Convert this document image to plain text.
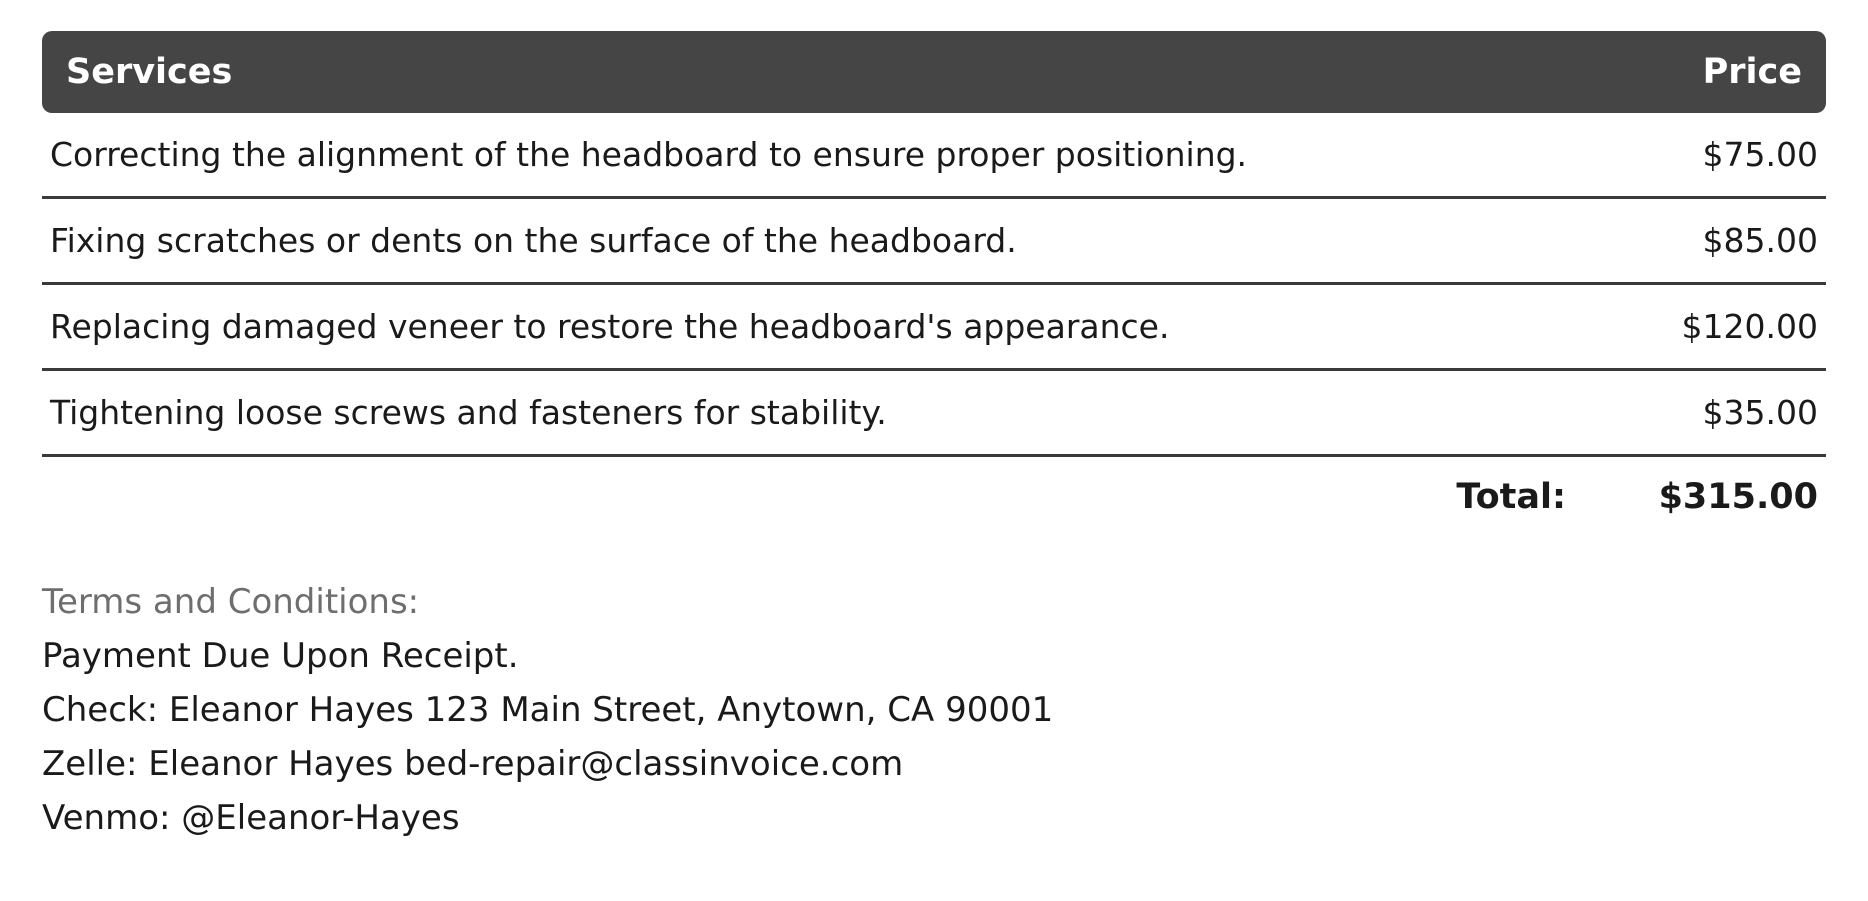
Services	Price
Correcting the alignment of the headboard to ensure proper positioning.	$75.00
Fixing scratches or dents on the surface of the headboard.	$85.00
Replacing damaged veneer to restore the headboard's appearance.	$120.00
Tightening loose screws and fasteners for stability.	$35.00
Total:	$315.00
Terms and Conditions:
Payment Due Upon Receipt.
Check: Eleanor Hayes 123 Main Street, Anytown, CA 90001
Zelle: Eleanor Hayes bed-repair@classinvoice.com
Venmo: @Eleanor-Hayes
